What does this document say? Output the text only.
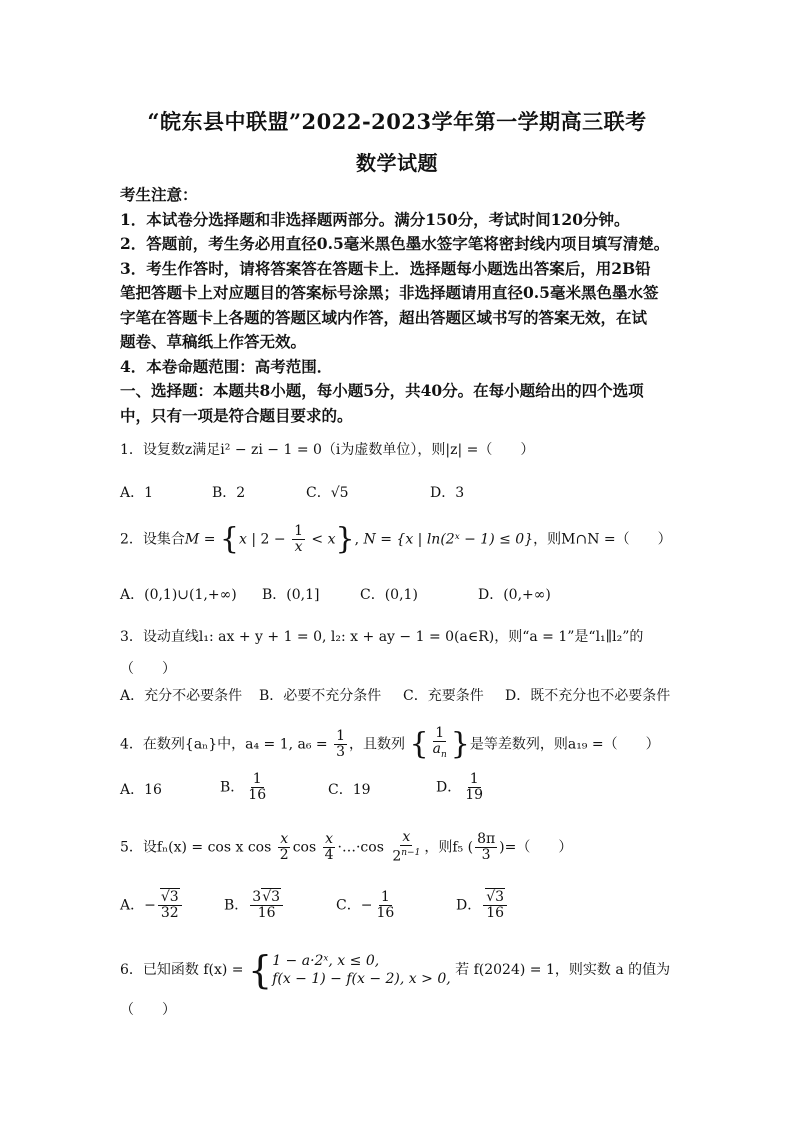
“皖东县中联盟”2022-2023学年第一学期高三联考
数学试题

考生注意：

1．本试卷分选择题和非选择题两部分。满分150分，考试时间120分钟。

2．答题前，考生务必用直径0.5毫米黑色墨水签字笔将密封线内项目填写清楚。

3．考生作答时，请将答案答在答题卡上．选择题每小题选出答案后，用2B铅

笔把答题卡上对应题目的答案标号涂黑；非选择题请用直径0.5毫米黑色墨水签

字笔在答题卡上各题的答题区域内作答，超出答题区域书写的答案无效，在试

题卷、草稿纸上作答无效。

4．本卷命题范围：高考范围．

一、选择题：本题共8小题，每小题5分，共40分。在每小题给出的四个选项

中，只有一项是符合题目要求的。

1．设复数z满足i² − zi − 1 = 0（i为虚数单位），则|z| =（　　）
A．1	B．2	C．√5	D．3
2．设集合M = {x | $2 - \frac{1}{x} < x$}, N = {x | ln(2ˣ − 1) ≤ 0}，则M∩N =（　　）
A．(0,1)∪(1,+∞) B．(0,1]	C．(0,1)	D．(0,+∞)
3．设动直线l₁: ax + y + 1 = 0, l₂: x + ay − 1 = 0(a∈R)，则“a = 1”是“l₁∥l₂”的
（　　）
A．充分不必要条件 B．必要不充分条件 C．充要条件 D．既不充分也不必要条件
4．在数列{aₙ}中，a₄ = 1, $a_6 = \frac{1}{3}$ ，且数列 { $\frac{1}{a_n}$ }是等差数列，则a₁₉ =（　　）
A．16	B． $\frac{1}{16}$	C．19	D． $\frac{1}{19}$
5．设fₙ(x) = cos x $\cos \frac{x}{2}$ $\cos \frac{x}{4}$ ·…·cos $\frac{x}{2^{n-1}}$ ，则f₅ ( $\frac{8\pi}{3}$ )=（　　）
A．− $\frac{√3}{32}$	B． $\frac{3√3}{16}$	C．− $\frac{1}{16}$	D． $\frac{√3}{16}$
6．已知函数 f(x) = { 1 − a·2ˣ, x ≤ 0,
f(x − 1) − f(x − 2), x > 0,
若 f(2024) = 1，则实数 a 的值为
（　　）
